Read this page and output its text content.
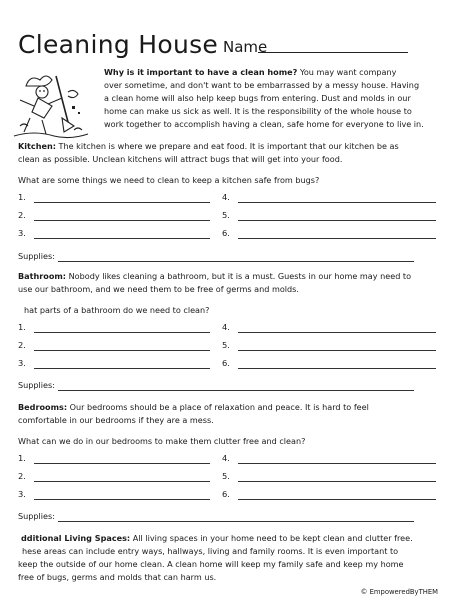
Cleaning House Name
Why is it important to have a clean home? You may want company
over sometime, and don't want to be embarrassed by a messy house. Having
a clean home will also help keep bugs from entering. Dust and molds in our
home can make us sick as well. It is the responsibility of the whole house to
work together to accomplish having a clean, safe home for everyone to live in.
Kitchen: The kitchen is where we prepare and eat food. It is important that our kitchen be as
clean as possible. Unclean kitchens will attract bugs that will get into your food.
What are some things we need to clean to keep a kitchen safe from bugs?
1.
2.
3.
4.
5.
6.
Supplies:
Bathroom: Nobody likes cleaning a bathroom, but it is a must. Guests in our home may need to
use our bathroom, and we need them to be free of germs and molds.
hat parts of a bathroom do we need to clean?
1.
2.
3.
4.
5.
6.
Supplies:
Bedrooms: Our bedrooms should be a place of relaxation and peace. It is hard to feel
comfortable in our bedrooms if they are a mess.
What can we do in our bedrooms to make them clutter free and clean?
1.
2.
3.
4.
5.
6.
Supplies:
dditional Living Spaces: All living spaces in your home need to be kept clean and clutter free.
hese areas can include entry ways, hallways, living and family rooms. It is even important to
keep the outside of our home clean. A clean home will keep my family safe and keep my home
free of bugs, germs and molds that can harm us.
© EmpoweredByTHEM
